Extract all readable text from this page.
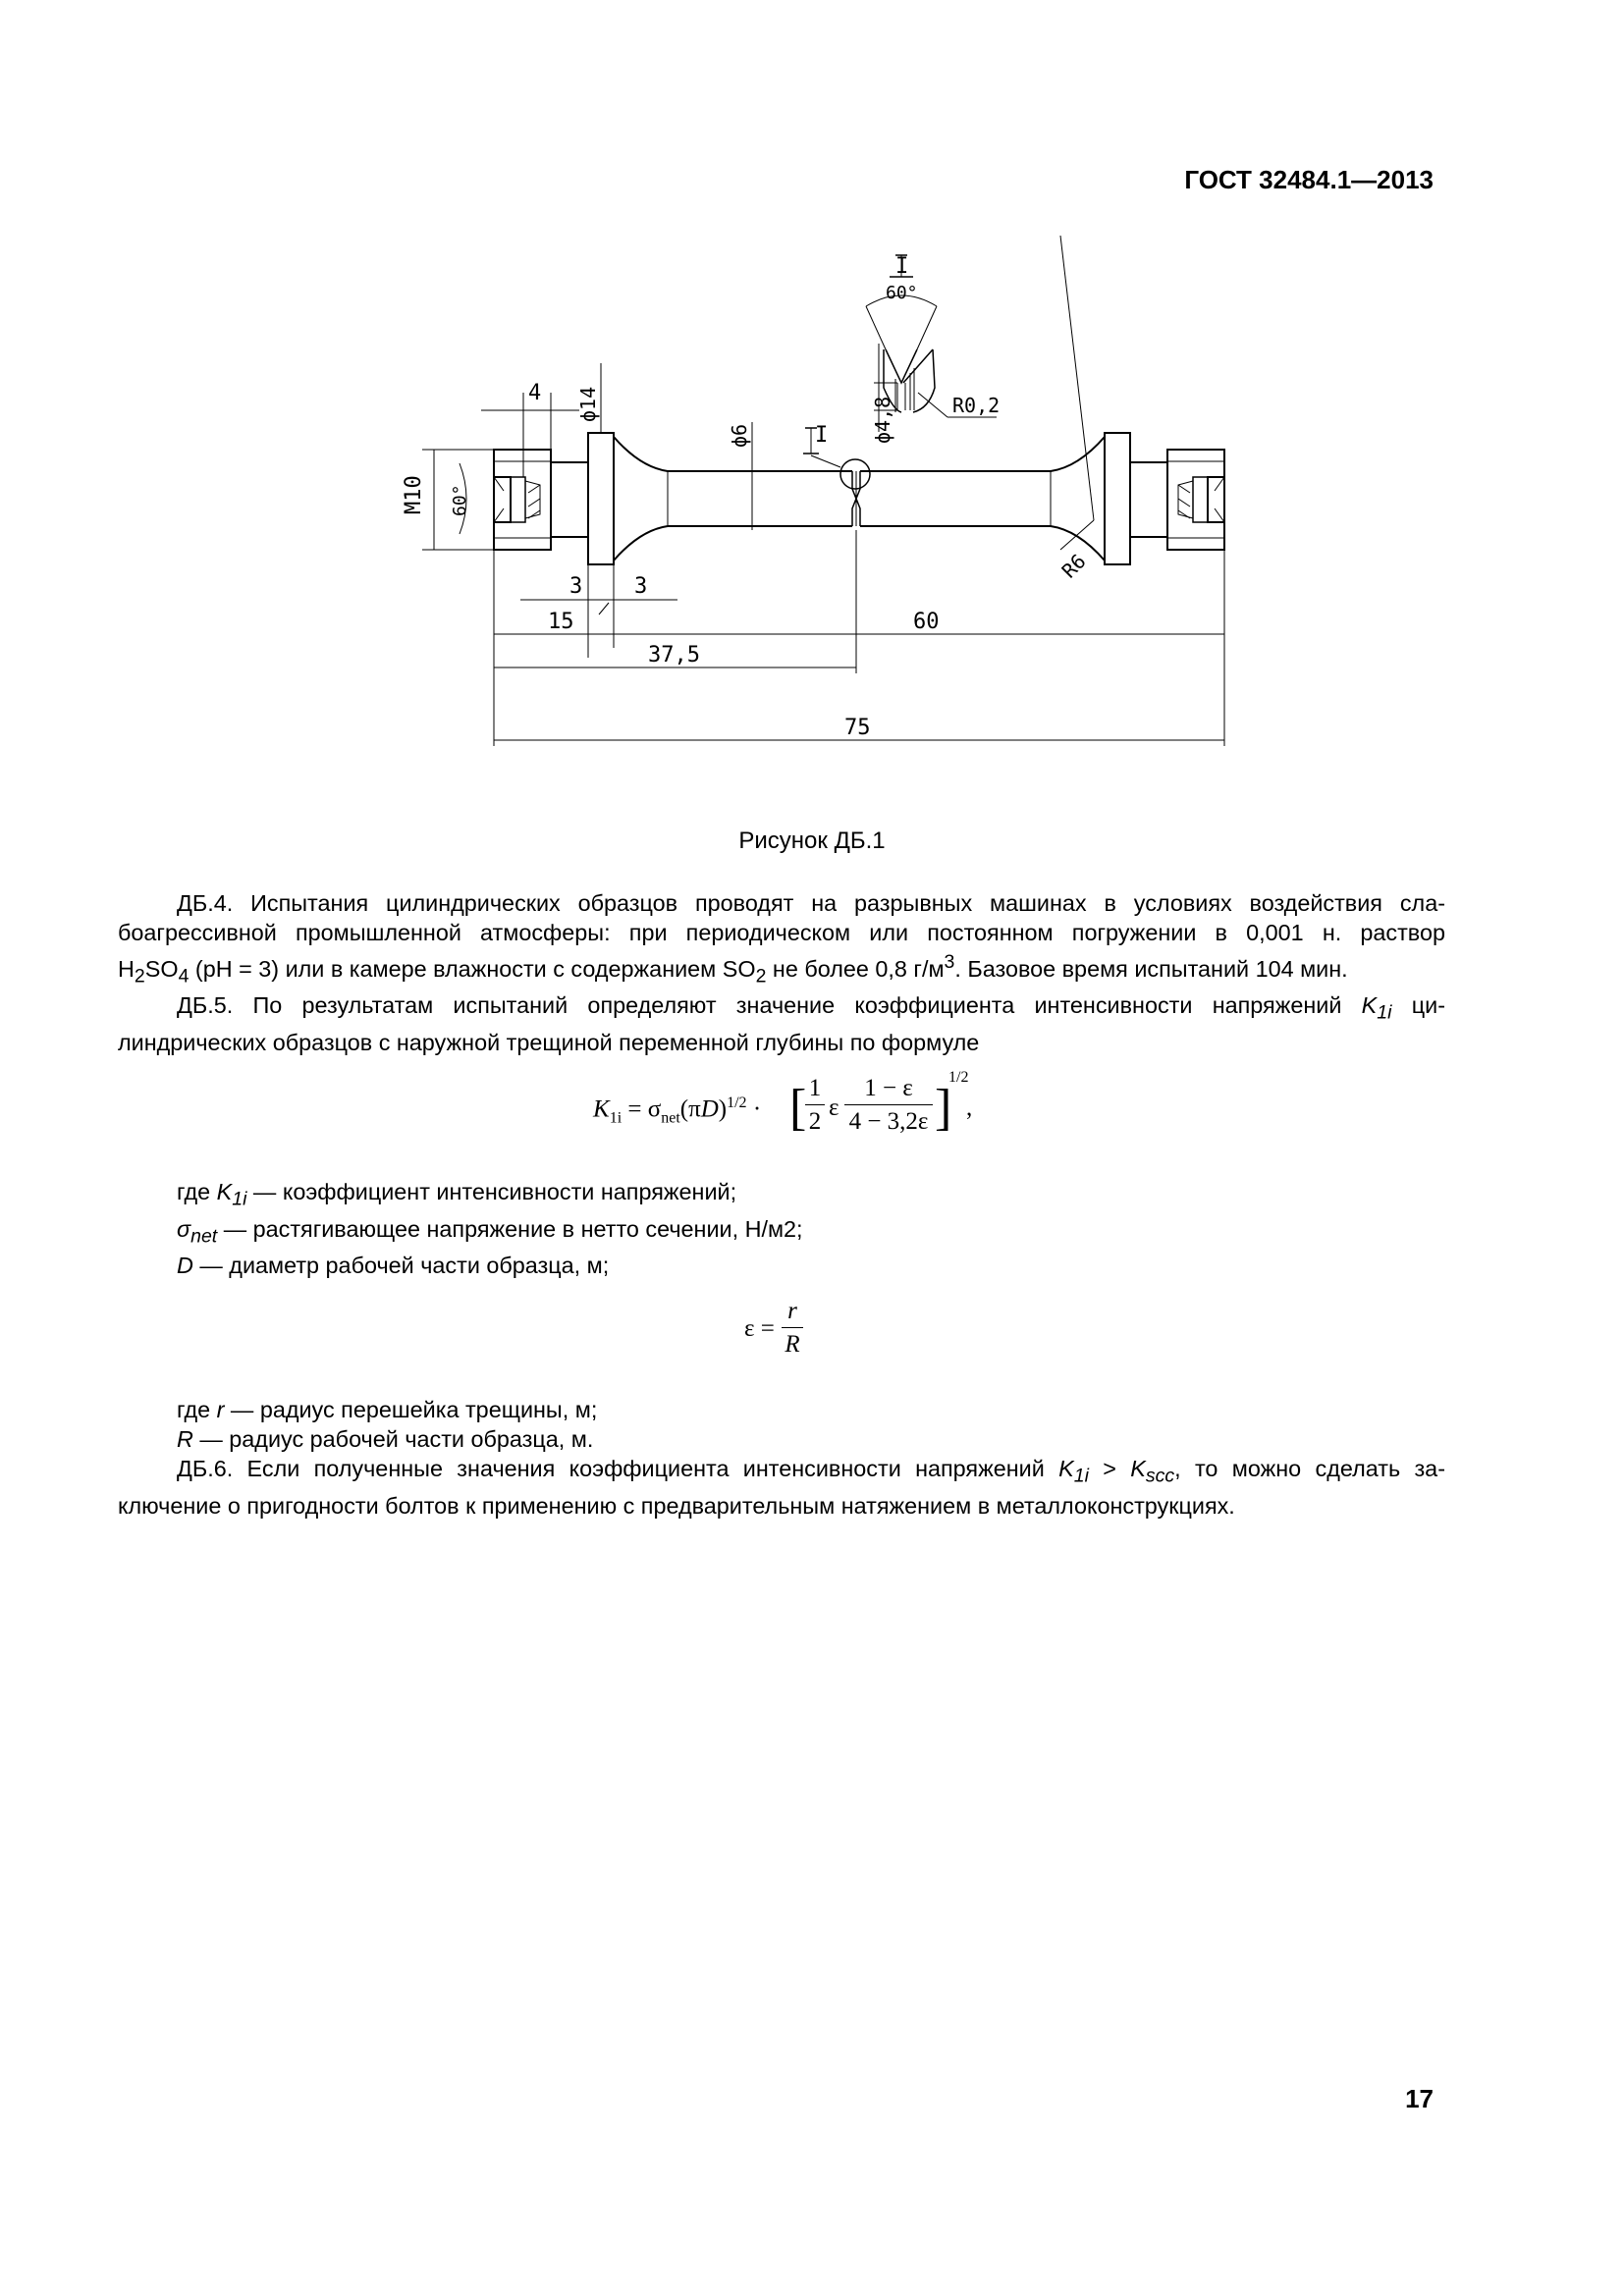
ГОСТ 32484.1—2013
4
M10 60°
ϕ14
ϕ6	I ϕ4,8
I
60°
R0,2
R6
3 3
15	60
37,5
75
Рисунок ДБ.1
ДБ.4. Испытания цилиндрических образцов проводят на разрывных машинах в условиях воздействия сла-
боагрессивной промышленной атмосферы: при периодическом или постоянном погружении в 0,001 н. раствор
$H_2SO_4$ (pH = 3) или в камере влажности с содержанием $SO_2$ не более 0,8 $г/м^3$. Базовое время испытаний 104 мин.
ДБ.5. По результатам испытаний определяют значение коэффициента интенсивности напряжений $K_{1i}$ ци-
линдрических образцов с наружной трещиной переменной глубины по формуле
$K_{1i} = \sigma_{net}(\pi D)^{1/2}$ · [ 1
2
ε
1 − ε
4 − 3,2ε ]
1/2
,
где $K_{1i}$ — коэффициент интенсивности напряжений;
$\sigma_{net}$ — растягивающее напряжение в нетто сечении, Н/м2;
D — диаметр рабочей части образца, м;
ε =
r
R
где r — радиус перешейка трещины, м;
R — радиус рабочей части образца, м.
ДБ.6. Если полученные значения коэффициента интенсивности напряжений $K_{1i} > K_{scc}$, то можно сделать за-
ключение о пригодности болтов к применению с предварительным натяжением в металлоконструкциях.
17
